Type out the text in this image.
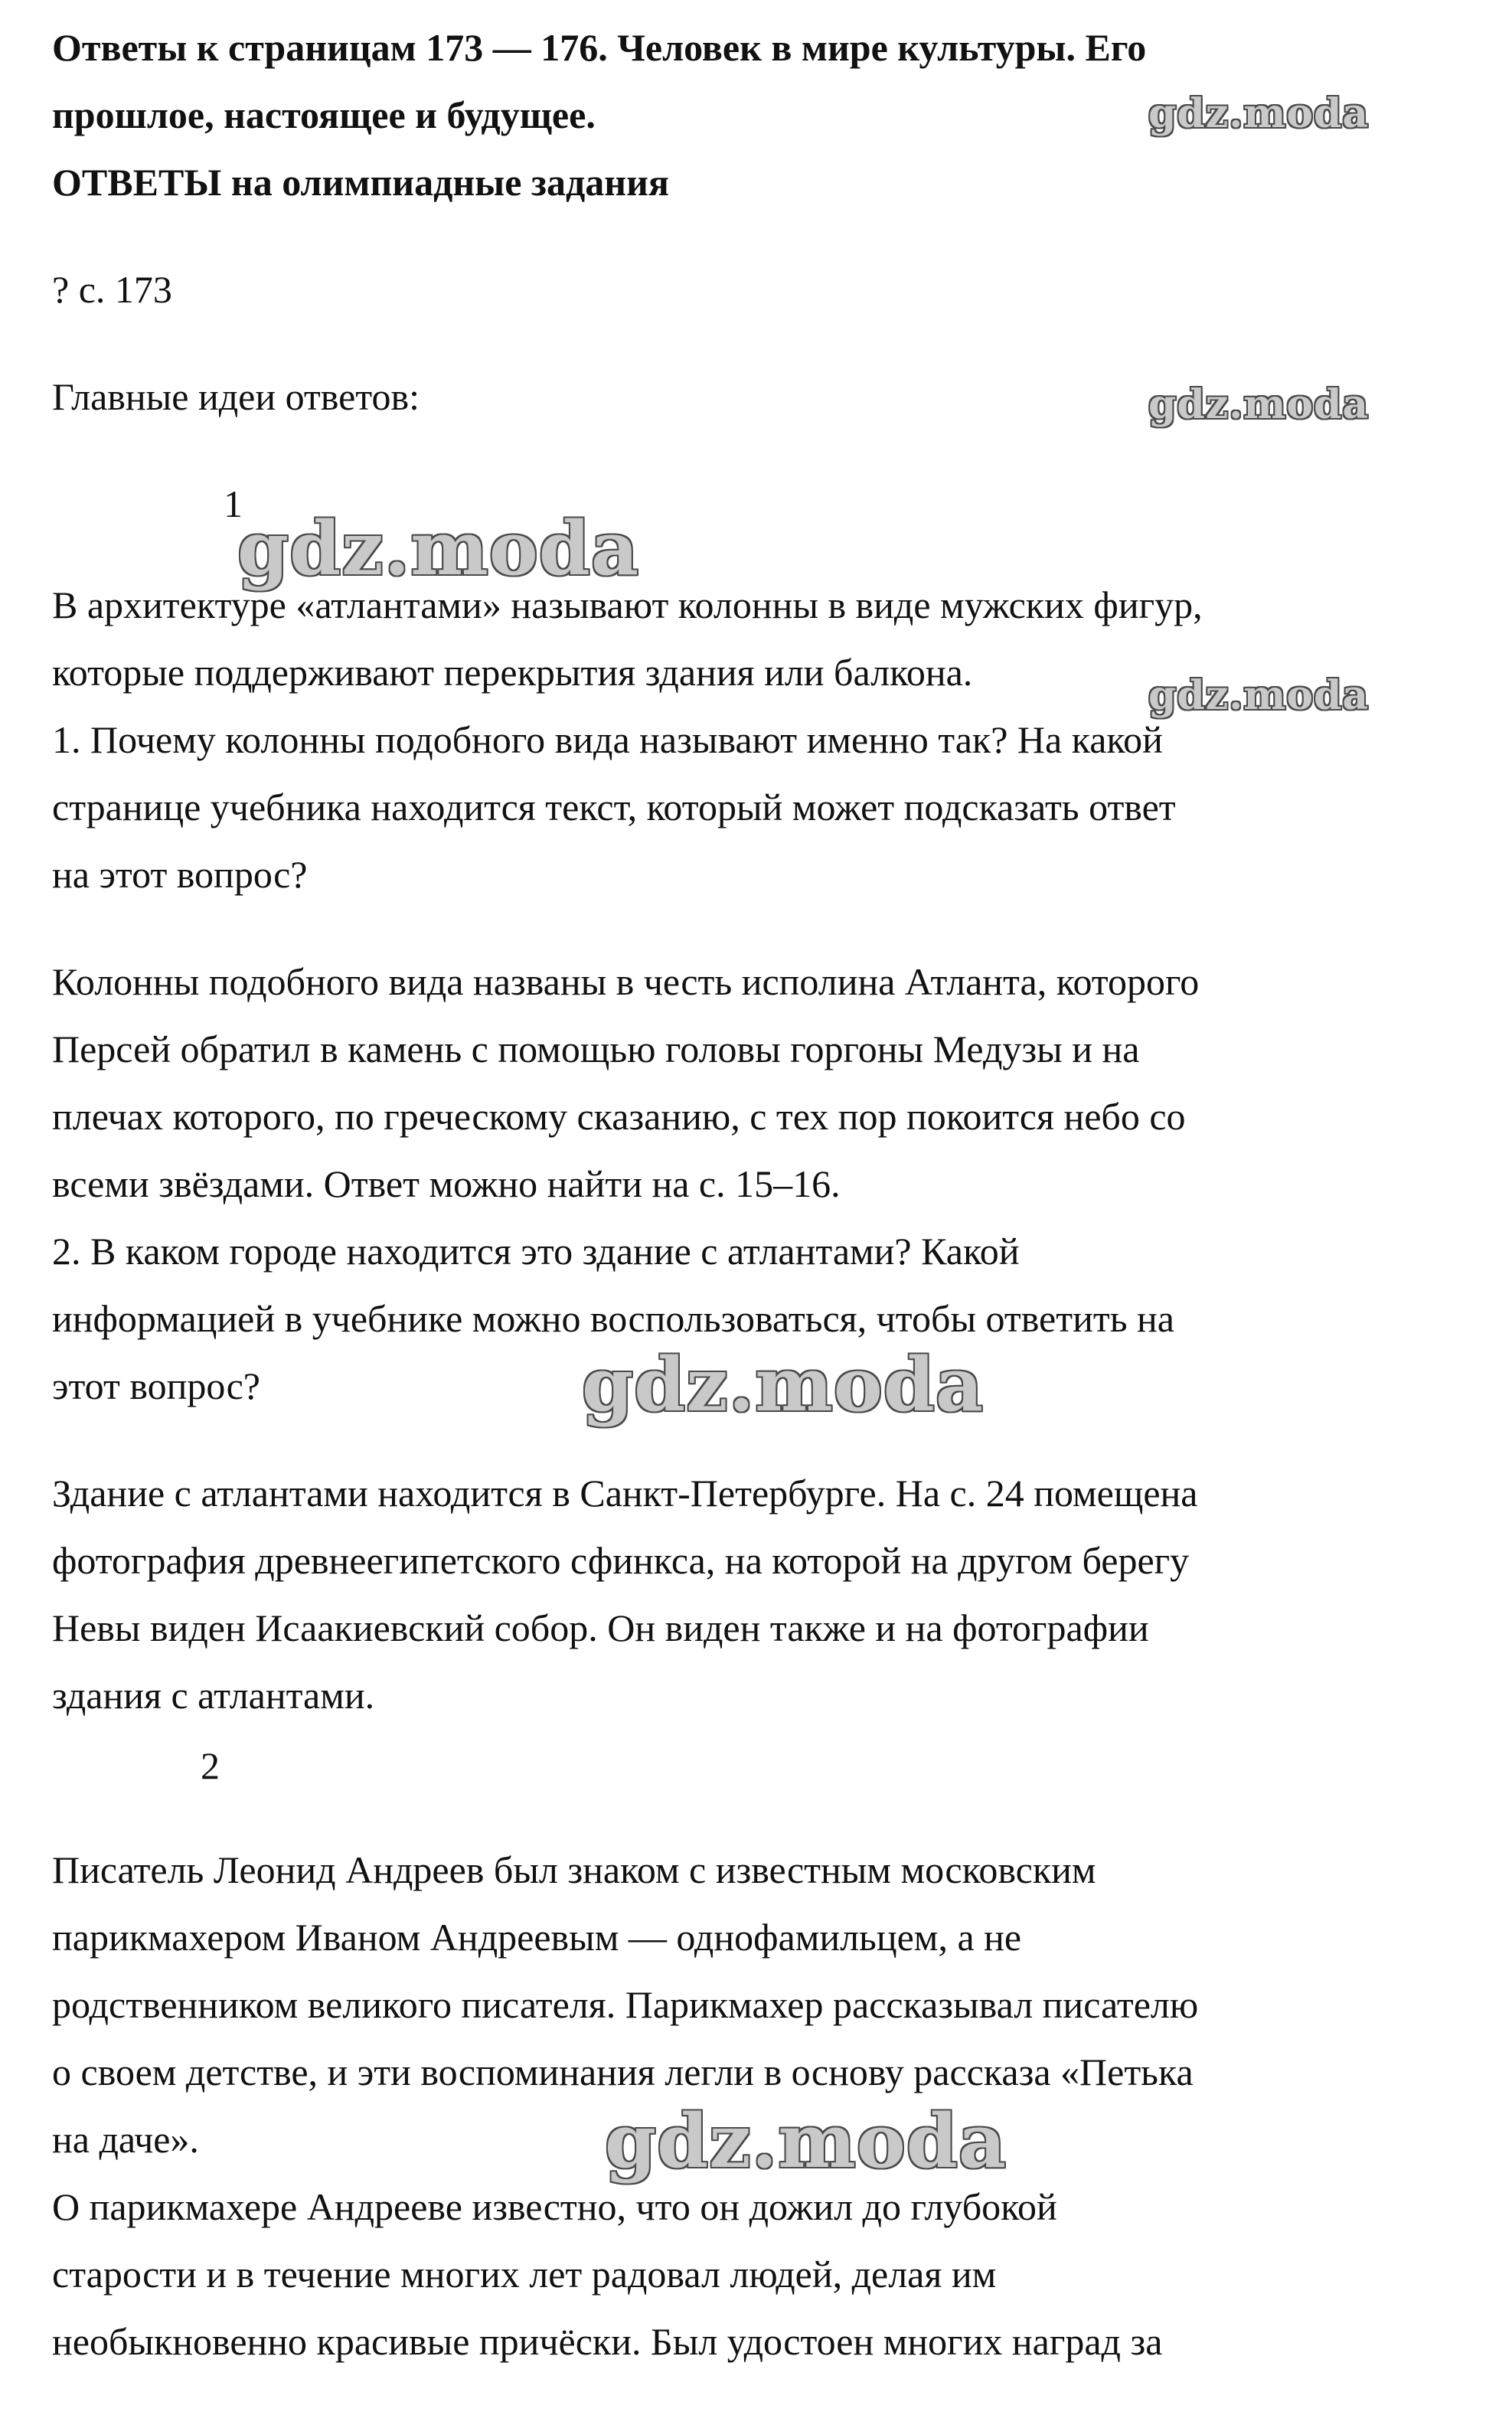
Ответы к страницам 173 — 176. Человек в мире культуры. Его
прошлое, настоящее и будущее.
ОТВЕТЫ на олимпиадные задания
? с. 173
Главные идеи ответов:
1
В архитектуре «атлантами» называют колонны в виде мужских фигур,
которые поддерживают перекрытия здания или балкона.
1. Почему колонны подобного вида называют именно так? На какой
странице учебника находится текст, который может подсказать ответ
на этот вопрос?
Колонны подобного вида названы в честь исполина Атланта, которого
Персей обратил в камень с помощью головы горгоны Медузы и на
плечах которого, по греческому сказанию, с тех пор покоится небо со
всеми звёздами. Ответ можно найти на с. 15–16.
2. В каком городе находится это здание с атлантами? Какой
информацией в учебнике можно воспользоваться, чтобы ответить на
этот вопрос?
Здание с атлантами находится в Санкт-Петербурге. На с. 24 помещена
фотография древнеегипетского сфинкса, на которой на другом берегу
Невы виден Исаакиевский собор. Он виден также и на фотографии
здания с атлантами.
2
Писатель Леонид Андреев был знаком с известным московским
парикмахером Иваном Андреевым — однофамильцем, а не
родственником великого писателя. Парикмахер рассказывал писателю
о своем детстве, и эти воспоминания легли в основу рассказа «Петька
на даче».
О парикмахере Андрееве известно, что он дожил до глубокой
старости и в течение многих лет радовал людей, делая им
необыкновенно красивые причёски. Был удостоен многих наград за
gdz.moda
gdz.moda
gdz.moda
gdz.moda
gdz.moda
gdz.moda
